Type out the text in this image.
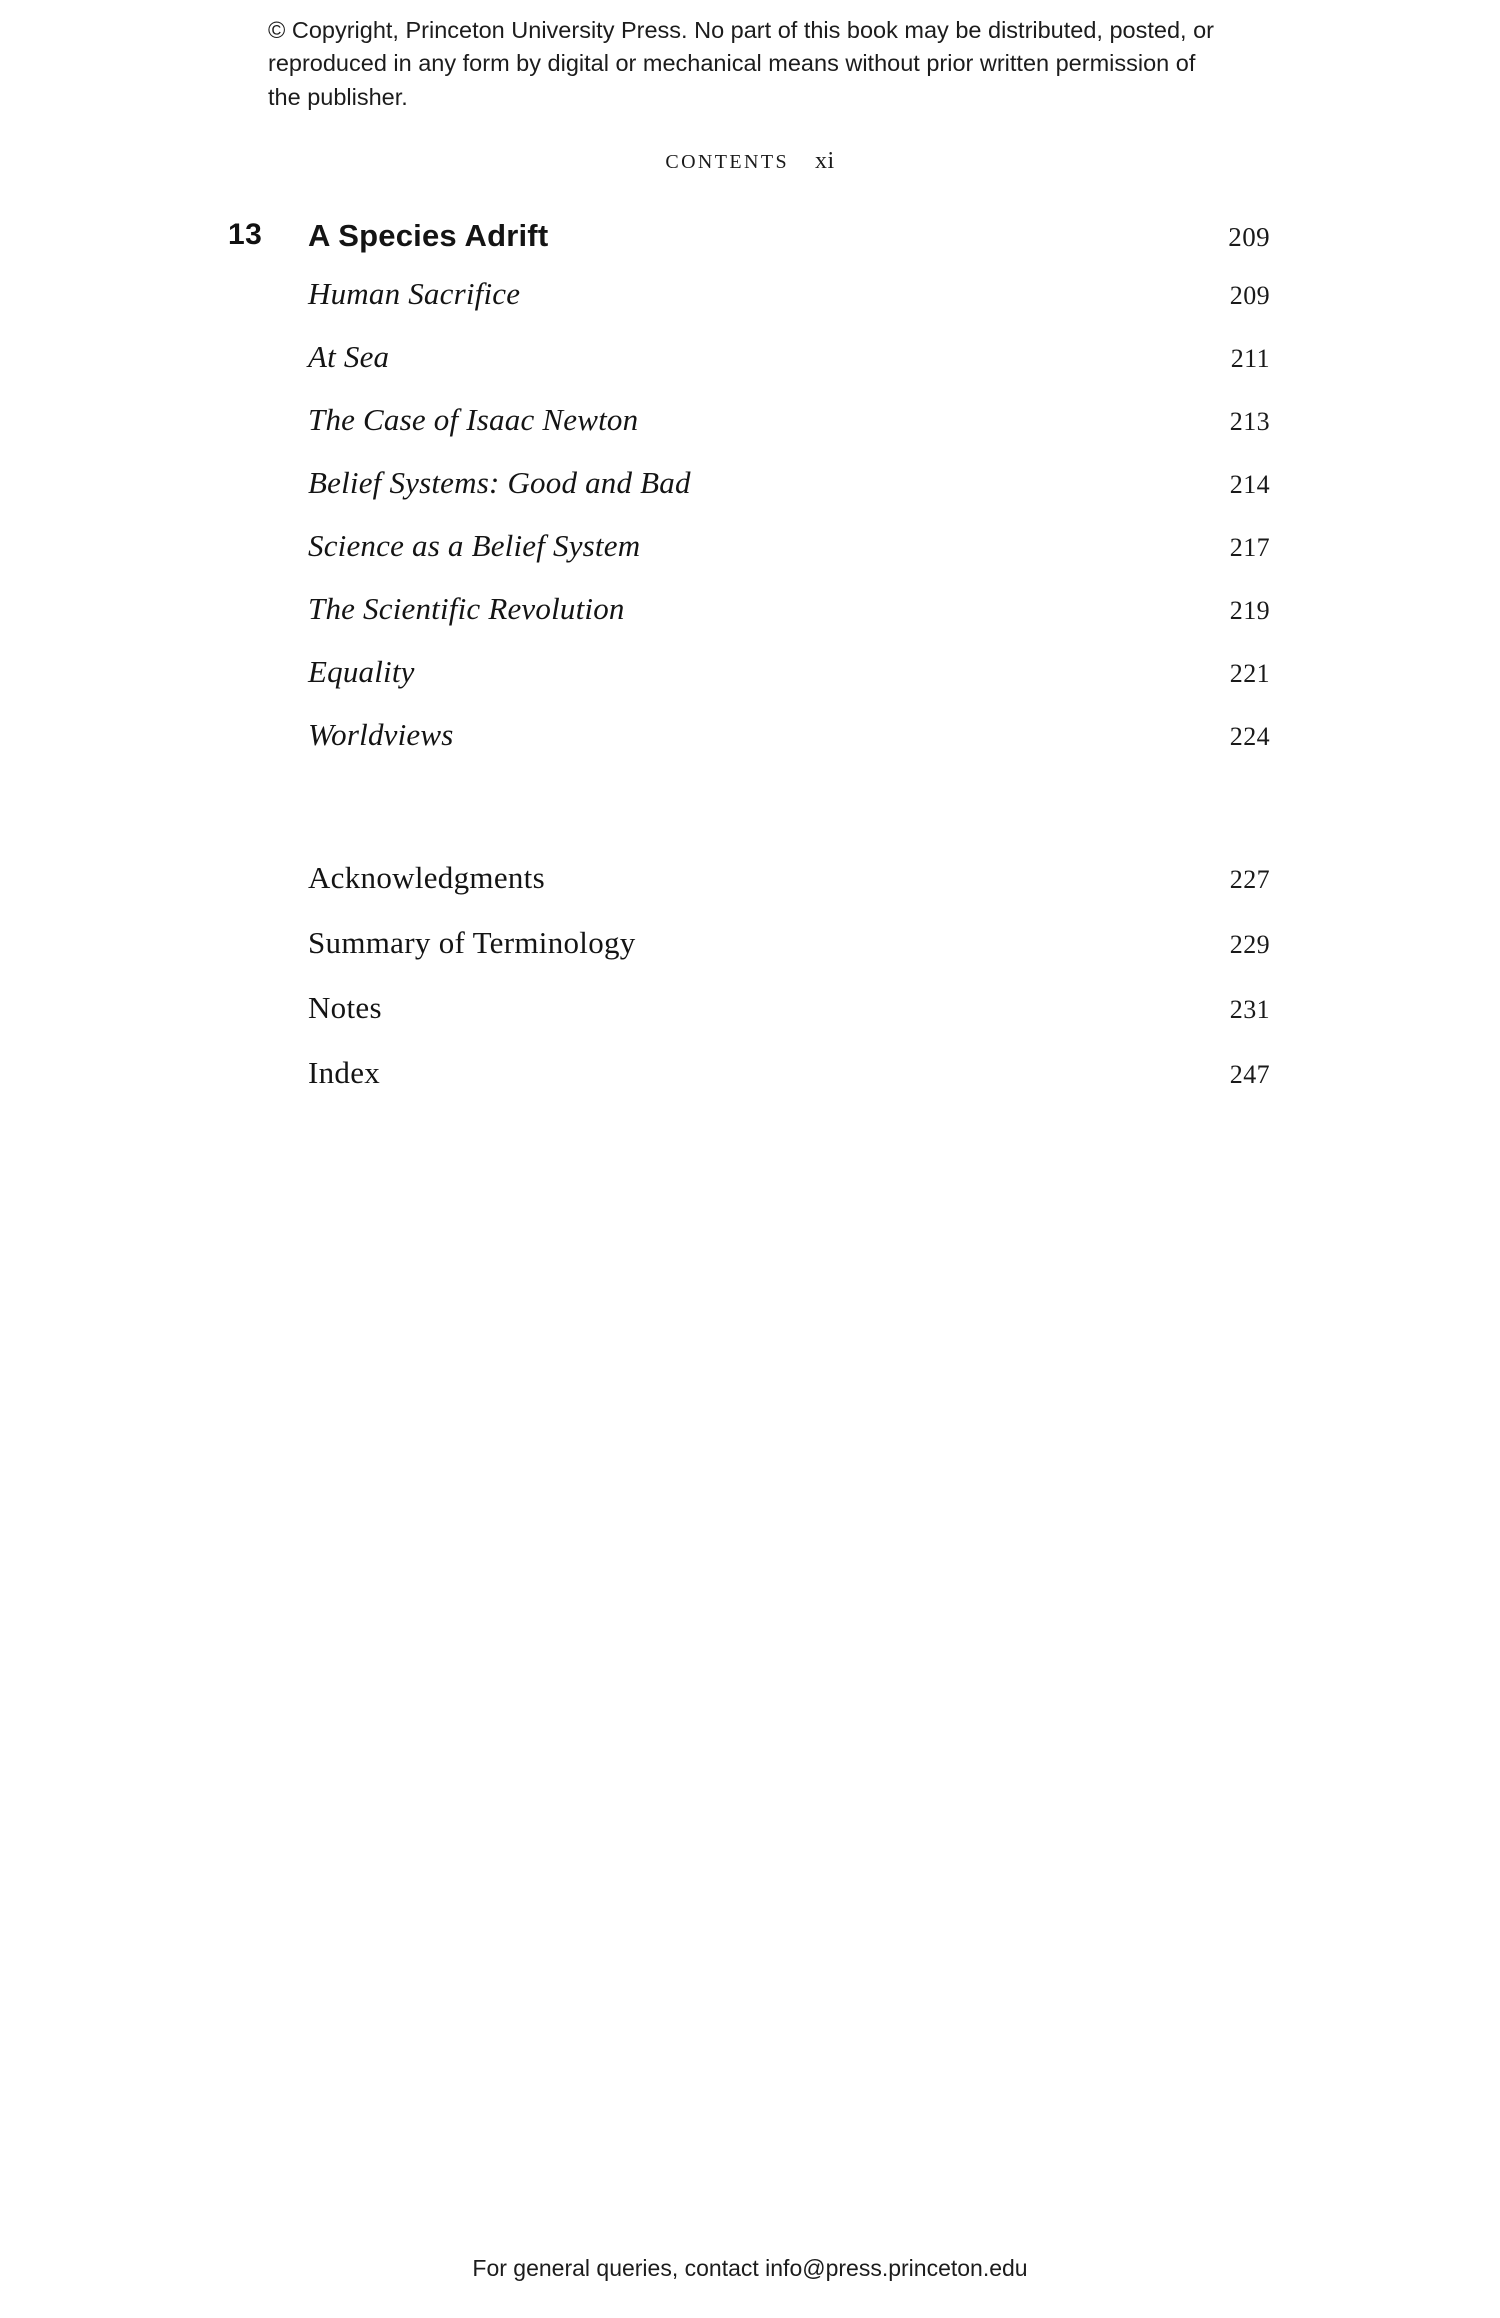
© Copyright, Princeton University Press. No part of this book may be distributed, posted, or reproduced in any form by digital or mechanical means without prior written permission of the publisher.
CONTENTS xi
13	A Species Adrift	209
Human Sacrifice	209
At Sea	211
The Case of Isaac Newton	213
Belief Systems: Good and Bad	214
Science as a Belief System	217
The Scientific Revolution	219
Equality	221
Worldviews	224
Acknowledgments	227
Summary of Terminology	229
Notes	231
Index	247
For general queries, contact info@press.princeton.edu
